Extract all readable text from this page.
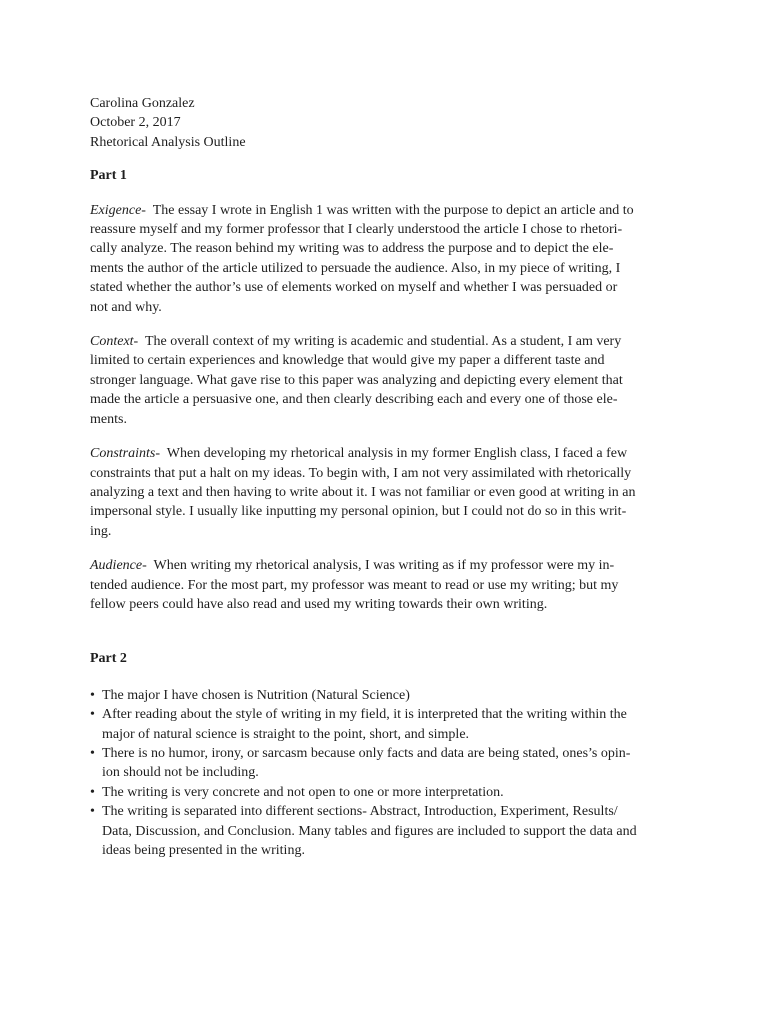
Carolina Gonzalez
October 2, 2017
Rhetorical Analysis Outline
Part 1
Exigence- The essay I wrote in English 1 was written with the purpose to depict an article and to
reassure myself and my former professor that I clearly understood the article I chose to rhetori-
cally analyze. The reason behind my writing was to address the purpose and to depict the ele-
ments the author of the article utilized to persuade the audience. Also, in my piece of writing, I
stated whether the author’s use of elements worked on myself and whether I was persuaded or
not and why.
Context- The overall context of my writing is academic and studential. As a student, I am very
limited to certain experiences and knowledge that would give my paper a different taste and
stronger language. What gave rise to this paper was analyzing and depicting every element that
made the article a persuasive one, and then clearly describing each and every one of those ele-
ments.
Constraints- When developing my rhetorical analysis in my former English class, I faced a few
constraints that put a halt on my ideas. To begin with, I am not very assimilated with rhetorically
analyzing a text and then having to write about it. I was not familiar or even good at writing in an
impersonal style. I usually like inputting my personal opinion, but I could not do so in this writ-
ing.
Audience- When writing my rhetorical analysis, I was writing as if my professor were my in-
tended audience. For the most part, my professor was meant to read or use my writing; but my
fellow peers could have also read and used my writing towards their own writing.
Part 2
• The major I have chosen is Nutrition (Natural Science)
• After reading about the style of writing in my field, it is interpreted that the writing within the
major of natural science is straight to the point, short, and simple.
• There is no humor, irony, or sarcasm because only facts and data are being stated, ones’s opin-
ion should not be including.
• The writing is very concrete and not open to one or more interpretation.
• The writing is separated into different sections- Abstract, Introduction, Experiment, Results/
Data, Discussion, and Conclusion. Many tables and figures are included to support the data and
ideas being presented in the writing.
